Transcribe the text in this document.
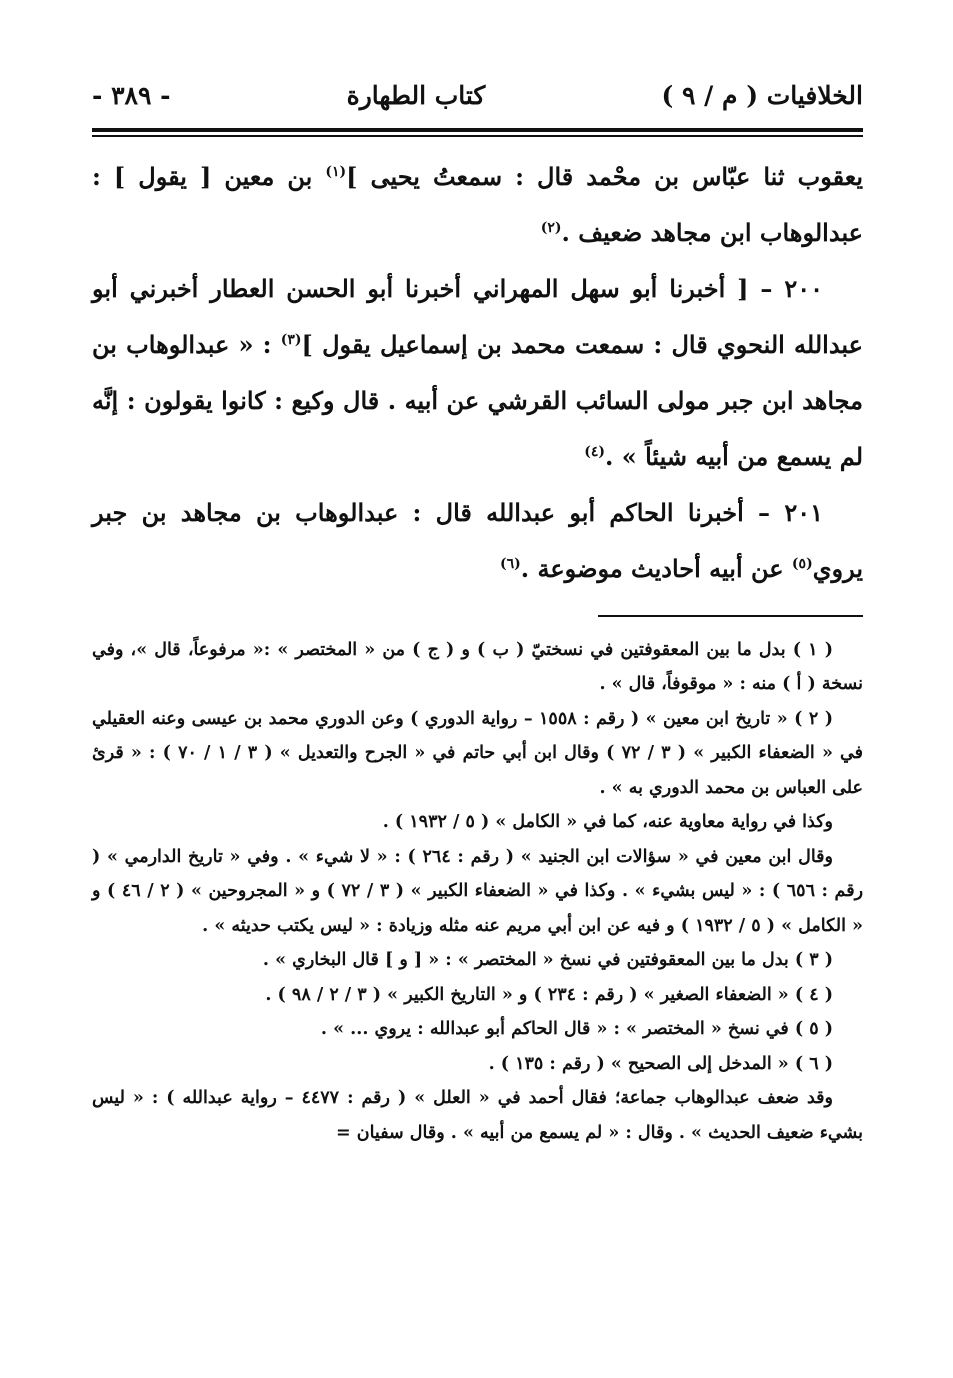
- ٣٨٩ -	كتاب الطهارة	الخلافيات ( م / ٩ )

يعقوب ثنا عبّاس بن محْمد قال : سمعتُ يحيى ]$^{(١)}$ بن معين [ يقول ] : عبدالوهاب ابن مجاهد ضعيف .$^{(٢)}$

٢٠٠ – [ أخبرنا أبو سهل المهراني أخبرنا أبو الحسن العطار أخبرني أبو عبدالله النحوي قال : سمعت محمد بن إسماعيل يقول ]$^{(٣)}$ : « عبدالوهاب بن مجاهد ابن جبر مولى السائب القرشي عن أبيه . قال وكيع : كانوا يقولون : إنَّه لم يسمع من أبيه شيئاً » .$^{(٤)}$

٢٠١ – أخبرنا الحاكم أبو عبدالله قال : عبدالوهاب بن مجاهد بن جبر يروي$^{(٥)}$ عن أبيه أحاديث موضوعة .$^{(٦)}$

( ١ ) بدل ما بين المعقوفتين في نسختيّ ( ب ) و ( ج ) من « المختصر » :« مرفوعاً، قال »، وفي نسخة ( أ ) منه : « موقوفاً، قال » .

( ٢ ) « تاريخ ابن معين » ( رقم : ١٥٥٨ – رواية الدوري ) وعن الدوري محمد بن عيسى وعنه العقيلي في « الضعفاء الكبير » ( ٣ / ٧٢ ) وقال ابن أبي حاتم في « الجرح والتعديل » ( ٣ / ١ / ٧٠ ) : « قرئ على العباس بن محمد الدوري به » .

وكذا في رواية معاوية عنه، كما في « الكامل » ( ٥ / ١٩٣٢ ) .

وقال ابن معين في « سؤالات ابن الجنيد » ( رقم : ٢٦٤ ) : « لا شيء » . وفي « تاريخ الدارمي » ( رقم : ٦٥٦ ) : « ليس بشيء » . وكذا في « الضعفاء الكبير » ( ٣ / ٧٢ ) و « المجروحين » ( ٢ / ٤٦ ) و « الكامل » ( ٥ / ١٩٣٢ ) و فيه عن ابن أبي مريم عنه مثله وزيادة : « ليس يكتب حديثه » .

( ٣ ) بدل ما بين المعقوفتين في نسخ « المختصر » : « [ و ] قال البخاري » .

( ٤ ) « الضعفاء الصغير » ( رقم : ٢٣٤ ) و « التاريخ الكبير » ( ٣ / ٢ / ٩٨ ) .

( ٥ ) في نسخ « المختصر » : « قال الحاكم أبو عبدالله : يروي ... » .

( ٦ ) « المدخل إلى الصحيح » ( رقم : ١٣٥ ) .

وقد ضعف عبدالوهاب جماعة؛ فقال أحمد في « العلل » ( رقم : ٤٤٧٧ – رواية عبدالله ) : « ليس بشيء ضعيف الحديث » . وقال : « لم يسمع من أبيه » . وقال سفيان =
